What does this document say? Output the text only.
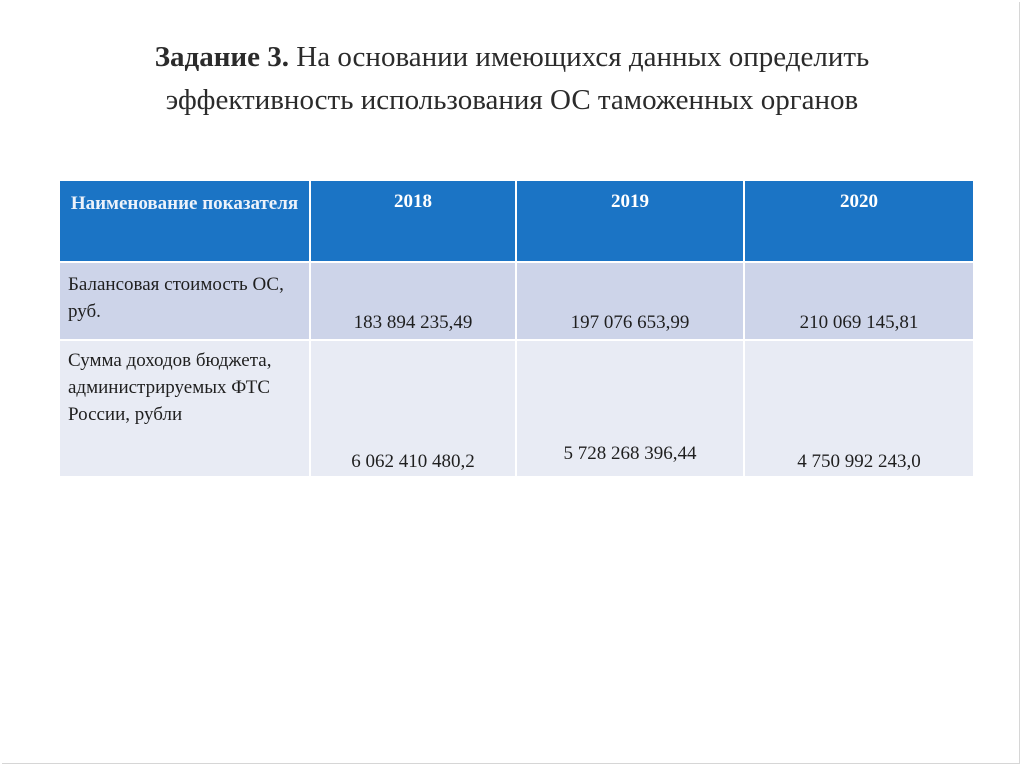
Задание 3. На основании имеющихся данных определить
эффективность использования ОС таможенных органов
Наименование показателя	2018	2019	2020
Балансовая стоимость ОС, руб.	183 894 235,49	197 076 653,99	210 069 145,81
Сумма доходов бюджета, администрируемых ФТС России, рубли	6 062 410 480,2	5 728 268 396,44	4 750 992 243,0
